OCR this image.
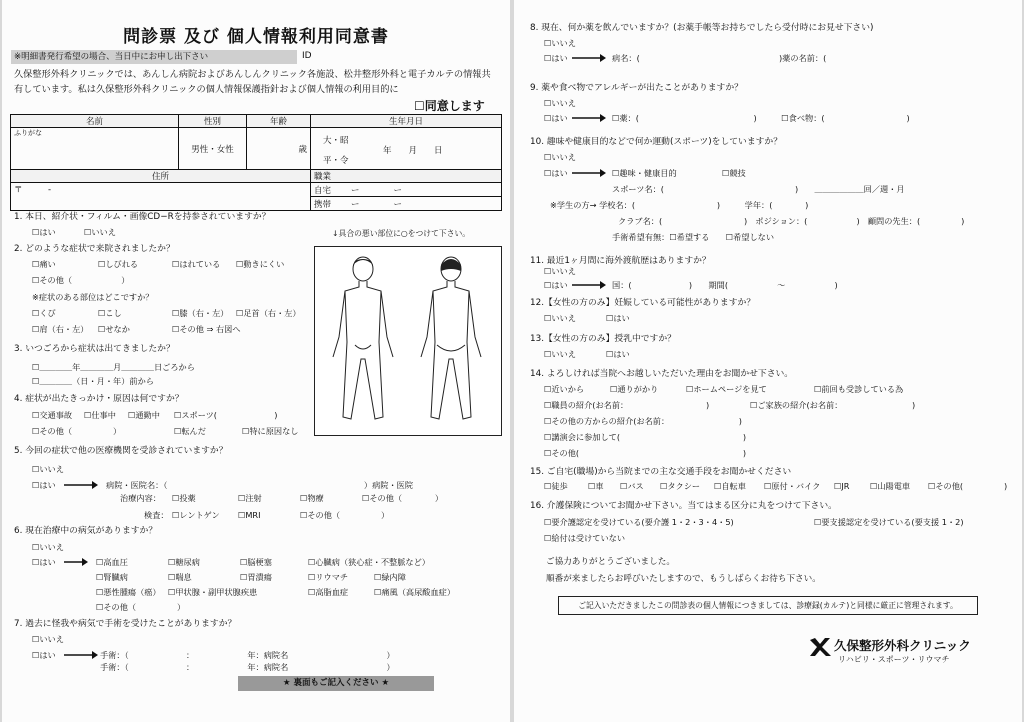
問診票 及び 個人情報利用同意書
※明細書発行希望の場合、当日中にお申し出下さい	ID
久保整形外科クリニックでは、あんしん病院およびあんしんクリニック各施設、松井整形外科と電子カルテの情報共有しています。私は久保整形外科クリニックの個人情報保護指針および個人情報の利用目的に
☐同意します
名前	性別	年齢	生年月日
ふりがな	男性・女性	歳	大・昭
平・令
年　　月　　日

住所			職業
〒　　　-			自宅 ー　　　　ー
			携帯 ー　　　　ー
1. 本日、紹介状・フィルム・画像CD−Rを持参されていますか？
☐はい	☐いいえ	↓具合の悪い部位に○をつけて下さい。
2. どのような症状で来院されましたか？
☐痛い	☐しびれる	☐はれている ☐動きにくい
☐その他（　　　　　　）
※症状のある部位はどこですか？
☐くび	☐こし	☐膝（右・左） ☐足首（右・左）
☐肩（右・左） ☐せなか	☐その他 ⇒ 右図へ
3. いつごろから症状は出てきましたか？
☐＿＿＿＿年＿＿＿＿月＿＿＿＿日ごろから
☐＿＿＿＿（日・月・年）前から
4. 症状が出たきっかけ・原因は何ですか？
☐交通事故 ☐仕事中 ☐通勤中 ☐スポーツ(　　　　　　　)
☐その他（　　　　　）	☐転んだ	☐特に原因なし
5. 今回の症状で他の医療機関を受診されていますか？
☐いいえ
☐はい	病院・医院名：（　　　　　　　　　　　　　　　　　　　　　　　　）病院・医院
治療内容： ☐投薬	☐注射	☐物療	☐その他（　　　　）
検査： ☐レントゲン ☐MRI	☐その他（　　　　　）
6. 現在治療中の病気がありますか？
☐いいえ
☐はい	☐高血圧	☐糖尿病	☐脳梗塞	☐心臓病（狭心症・不整脈など）
☐腎臓病	☐喘息	☐胃潰瘍	☐リウマチ	☐緑内障
☐悪性腫瘍（癌） ☐甲状腺・副甲状腺疾患	☐高脂血症	☐痛風（高尿酸血症）
☐その他（　　　　　）
7. 過去に怪我や病気で手術を受けたことがありますか？
☐いいえ
☐はい	手術：（　　　　　　　：　　　　　　　年：病院名　　　　　　　　　　　　）
手術：（　　　　　　　：　　　　　　　年：病院名　　　　　　　　　　　　）
★ 裏面もご記入ください ★
8. 現在、何か薬を飲んでいますか？(お薬手帳等お持ちでしたら受付時にお見せ下さい)
☐いいえ
☐はい	病名：(　　　　　　　　　　　　　　　　　)薬の名前：(
9. 薬や食べ物でアレルギーが出たことがありますか？
☐いいえ
☐はい	☐薬：(　　　　　　　　　　　　　　)　　　☐食べ物：(　　　　　　　　　　)
10. 趣味や健康目的などで何か運動(スポーツ)をしていますか？
☐いいえ
☐はい	☐趣味・健康目的	☐競技
スポーツ名：(　　　　　　　　　　　　　　　　)　　＿＿＿＿＿＿回／週・月
※学生の方→ 学校名：(　　　　　　　　　　)　　　学年：(　　　　)
クラブ名：(　　　　　　　　　　)　ポジション：(　　　　　　)　顧問の先生：(　　　　　)
手術希望有無：☐希望する　　☐希望しない
11. 最近1ヶ月間に海外渡航歴はありますか？
☐いいえ
☐はい	国：(　　　　　　　)　　期間(　　　　　　〜　　　　　　)
12.【女性の方のみ】妊娠している可能性がありますか？
☐いいえ	☐はい
13.【女性の方のみ】授乳中ですか？
☐いいえ	☐はい
14. よろしければ当院へお越しいただいた理由をお聞かせ下さい。
☐近いから	☐通りがかり	☐ホームページを見て	☐前回も受診している為
☐職員の紹介(お名前：　　　　　　　　　　)	☐ご家族の紹介(お名前：　　　　　　　　　)
☐その他の方からの紹介(お名前：　　　　　　　　　)
☐講演会に参加して(　　　　　　　　　　　　　　　)
☐その他(　　　　　　　　　　　　　　　　　　　　)
15. ご自宅(職場)から当院までの主な交通手段をお聞かせください
☐徒歩 ☐車 ☐バス ☐タクシー ☐自転車 ☐原付・バイク ☐JR	☐山陽電車 ☐その他(　　　　　)
16. 介護保険についてお聞かせ下さい。当てはまる区分に丸をつけて下さい。
☐要介護認定を受けている(要介護 1・2・3・4・5)	☐要支援認定を受けている(要支援 1・2)
☐給付は受けていない
ご協力ありがとうございました。
順番が来ましたらお呼びいたしますので、もうしばらくお待ち下さい。
ご記入いただきましたこの問診表の個人情報につきましては、診療録(カルテ)と同様に厳正に管理されます。
久保整形外科クリニック
リハビリ・スポーツ・リウマチ
